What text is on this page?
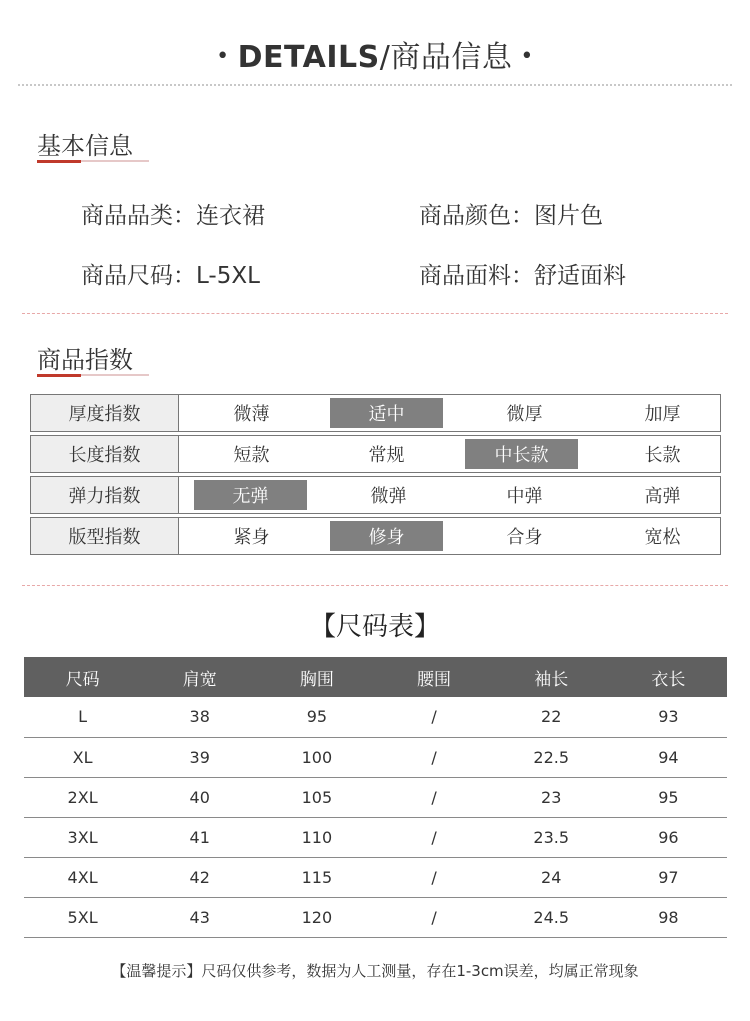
• DETAILS/商品信息 •
基本信息
商品品类：连衣裙	商品颜色：图片色
商品尺码：L-5XL	商品面料：舒适面料
商品指数
厚度指数	微薄	适中	微厚	加厚
长度指数	短款	常规	中长款	长款
弹力指数	无弹	微弹	中弹	高弹
版型指数	紧身	修身	合身	宽松
【尺码表】
尺码	肩宽	胸围	腰围	袖长	衣长
L	38	95	/	22	93
XL	39	100	/	22.5	94
2XL	40	105	/	23	95
3XL	41	110	/	23.5	96
4XL	42	115	/	24	97
5XL	43	120	/	24.5	98
【温馨提示】尺码仅供参考，数据为人工测量，存在1-3cm误差，均属正常现象
